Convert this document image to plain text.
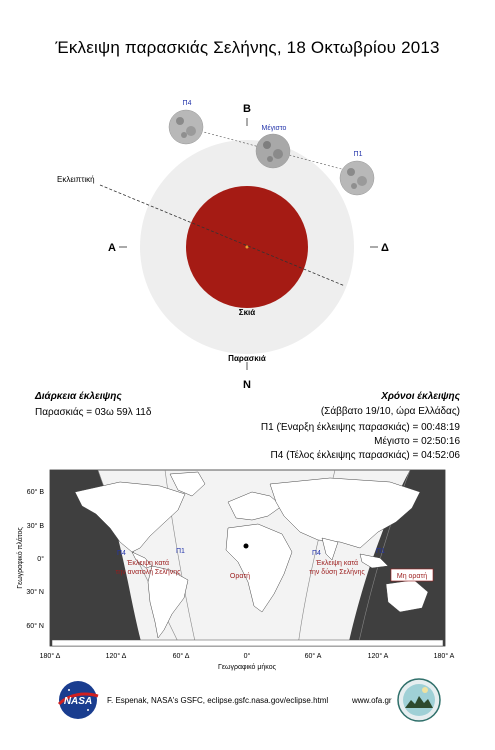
Έκλειψη παρασκιάς Σελήνης, 18 Οκτωβρίου 2013
Β
Ν
Α	Δ
Εκλειπτική
Σκιά
Παρασκιά
Π4
Μέγιστο
Π1
Διάρκεια έκλειψης
Παρασκιάς = 03ω 59λ 11δ
Χρόνοι έκλειψης
(Σάββατο 19/10, ώρα Ελλάδας)
Π1 (Έναρξη έκλειψης παρασκιάς) = 00:48:19
Μέγιστο = 02:50:16
Π4 (Τέλος έκλειψης παρασκιάς) = 04:52:06
Π4	Π1	Π4	Π1
Έκλειψη κατά
την ανατολή Σελήνης
Ορατή
Έκλειψη κατά
την δύση Σελήνης
Μη ορατή
60° Β
30° Β
0°
30° Ν
60° Ν
180° Δ	120° Δ	60° Δ	0°	60° Α	120° Α	180° Α
Γεωγραφικό μήκος
Γεωγραφικό πλάτος
NASA F. Espenak, NASA's GSFC, eclipse.gsfc.nasa.gov/eclipse.html	www.ofa.gr
